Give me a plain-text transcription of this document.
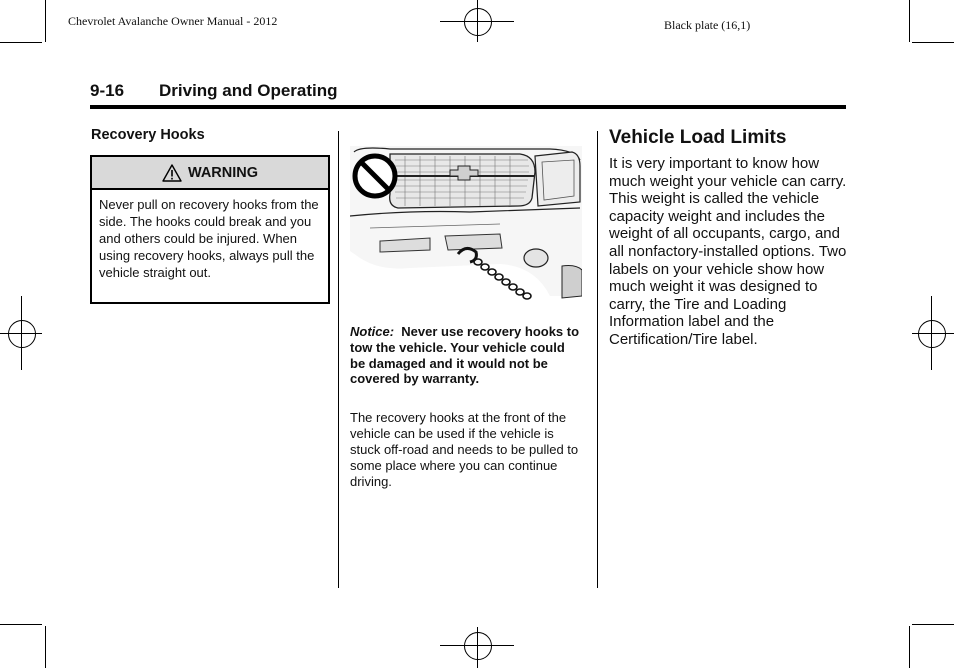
Chevrolet Avalanche Owner Manual - 2012	Black plate (16,1)
9-16 Driving and Operating
Recovery Hooks
WARNING
Never pull on recovery hooks from the side. The hooks could break and you and others could be injured. When using recovery hooks, always pull the vehicle straight out.
Notice: Never use recovery hooks to tow the vehicle. Your vehicle could be damaged and it would not be covered by warranty.
The recovery hooks at the front of the vehicle can be used if the vehicle is stuck off-road and needs to be pulled to some place where you can continue driving.
Vehicle Load Limits
It is very important to know how much weight your vehicle can carry. This weight is called the vehicle capacity weight and includes the weight of all occupants, cargo, and all nonfactory-installed options. Two labels on your vehicle show how much weight it was designed to carry, the Tire and Loading Information label and the Certification/Tire label.
